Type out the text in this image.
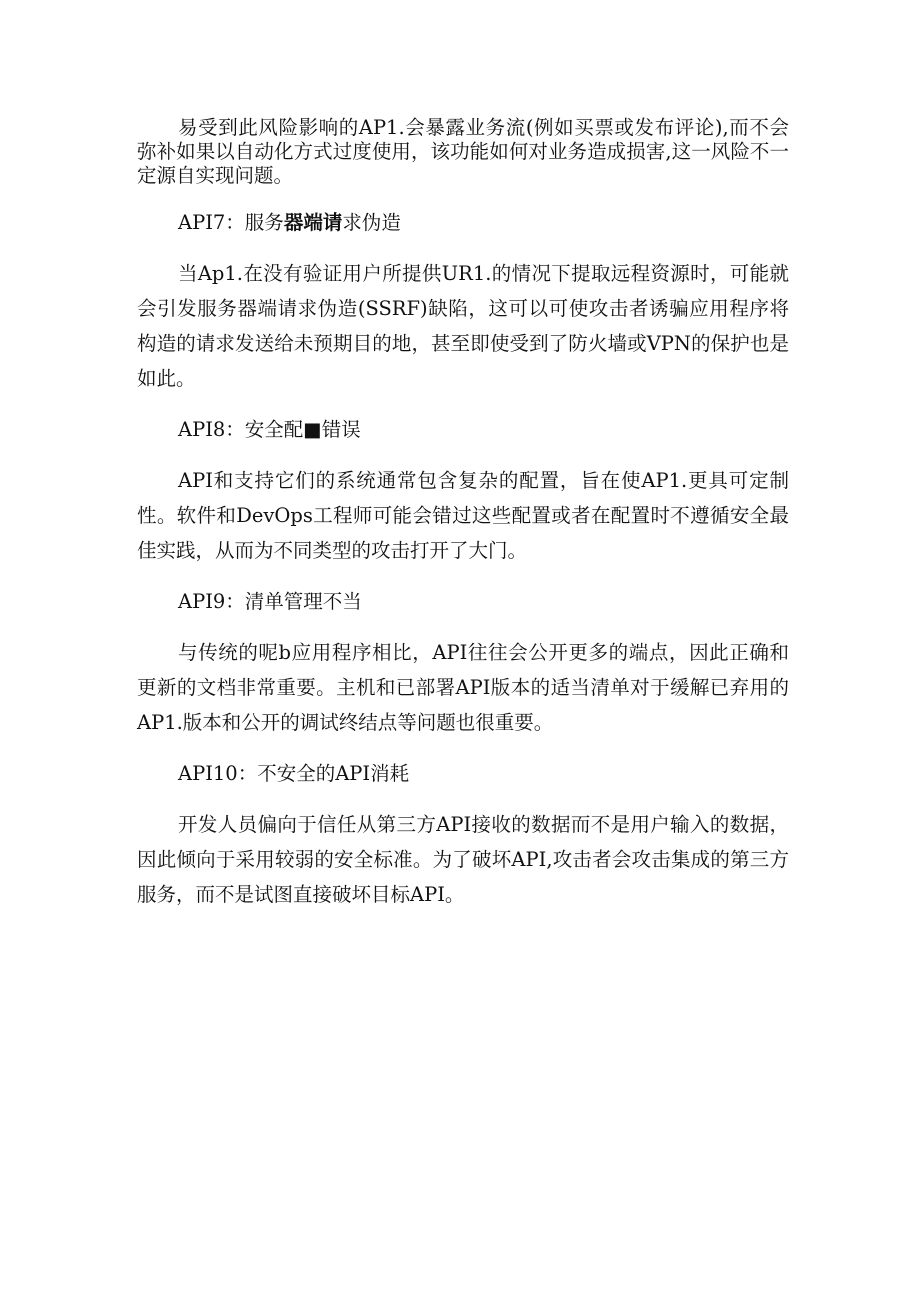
易受到此风险影响的AP1.会暴露业务流(例如买票或发布评论),而不会弥补如果以自动化方式过度使用，该功能如何对业务造成损害,这一风险不一定源自实现问题。

API7：服务器端请求伪造

当Ap1.在没有验证用户所提供UR1.的情况下提取远程资源时，可能就会引发服务器端请求伪造(SSRF)缺陷，这可以可使攻击者诱骗应用程序将构造的请求发送给未预期目的地，甚至即使受到了防火墙或VPN的保护也是如此。

API8：安全配■错误

API和支持它们的系统通常包含复杂的配置，旨在使AP1.更具可定制性。软件和DevOps工程师可能会错过这些配置或者在配置时不遵循安全最佳实践，从而为不同类型的攻击打开了大门。

API9：清单管理不当

与传统的呢b应用程序相比，API往往会公开更多的端点，因此正确和更新的文档非常重要。主机和已部署API版本的适当清单对于缓解已弃用的AP1.版本和公开的调试终结点等问题也很重要。

API10：不安全的API消耗

开发人员偏向于信任从第三方API接收的数据而不是用户输入的数据，因此倾向于采用较弱的安全标准。为了破坏API,攻击者会攻击集成的第三方服务，而不是试图直接破坏目标API。
